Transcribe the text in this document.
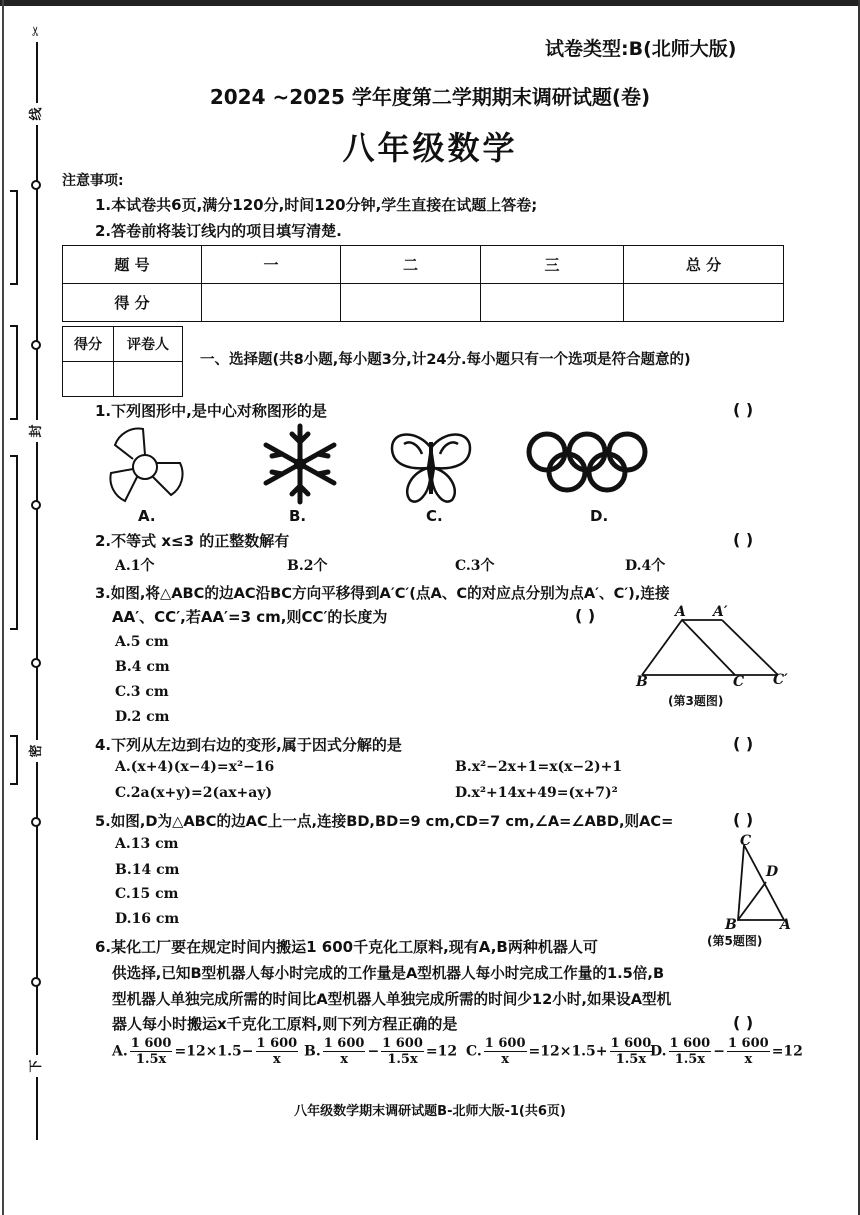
✂
线
封
密
下
试卷类型:B(北师大版)
2024 ~2025 学年度第二学期期末调研试题(卷)
八年级数学
注意事项:
1.本试卷共6页,满分120分,时间120分钟,学生直接在试题上答卷;
2.答卷前将装订线内的项目填写清楚.
题 号	一	二	三	总 分
得 分				
得分	评卷人

一、选择题(共8小题,每小题3分,计24分.每小题只有一个选项是符合题意的)
1.下列图形中,是中心对称图形的是	( )
A.	B.	C.	D.
2.不等式 x≤3 的正整数解有	( )
A.1个	B.2个	C.3个	D.4个
3.如图,将△ABC的边AC沿BC方向平移得到A′C′(点A、C的对应点分别为点A′、C′),连接
AA′、CC′,若AA′=3 cm,则CC′的长度为	( )
A.5 cm
B.4 cm
C.3 cm
D.2 cm
A A′
B	C C′
(第3题图)
4.下列从左边到右边的变形,属于因式分解的是	( )
A.(x+4)(x−4)=x²−16	B.x²−2x+1=x(x−2)+1
C.2a(x+y)=2(ax+ay)	D.x²+14x+49=(x+7)²
5.如图,D为△ABC的边AC上一点,连接BD,BD=9 cm,CD=7 cm,∠A=∠ABD,则AC=	( )
A.13 cm
B.14 cm
C.15 cm
D.16 cm
C
D
B	A
6.某化工厂要在规定时间内搬运1 600千克化工原料,现有A,B两种机器人可	(第5题图)
供选择,已知B型机器人每小时完成的工作量是A型机器人每小时完成工作量的1.5倍,B
型机器人单独完成所需的时间比A型机器人单独完成所需的时间少12小时,如果设A型机
器人每小时搬运x千克化工原料,则下列方程正确的是	( )
A. $\frac{1 600}{1.5x} =12\times 1.5- \frac{1 600}{x} B$. $\frac{1 600}{x} - \frac{1 600}{1.5x} =12$ C. $\frac{1 600}{x} =12\times 1.5+ \frac{1 600}{1.5x}$
D. $\frac{1 600}{1.5x} - \frac{1 600}{x} =12$
八年级数学期末调研试题B-北师大版-1(共6页)
